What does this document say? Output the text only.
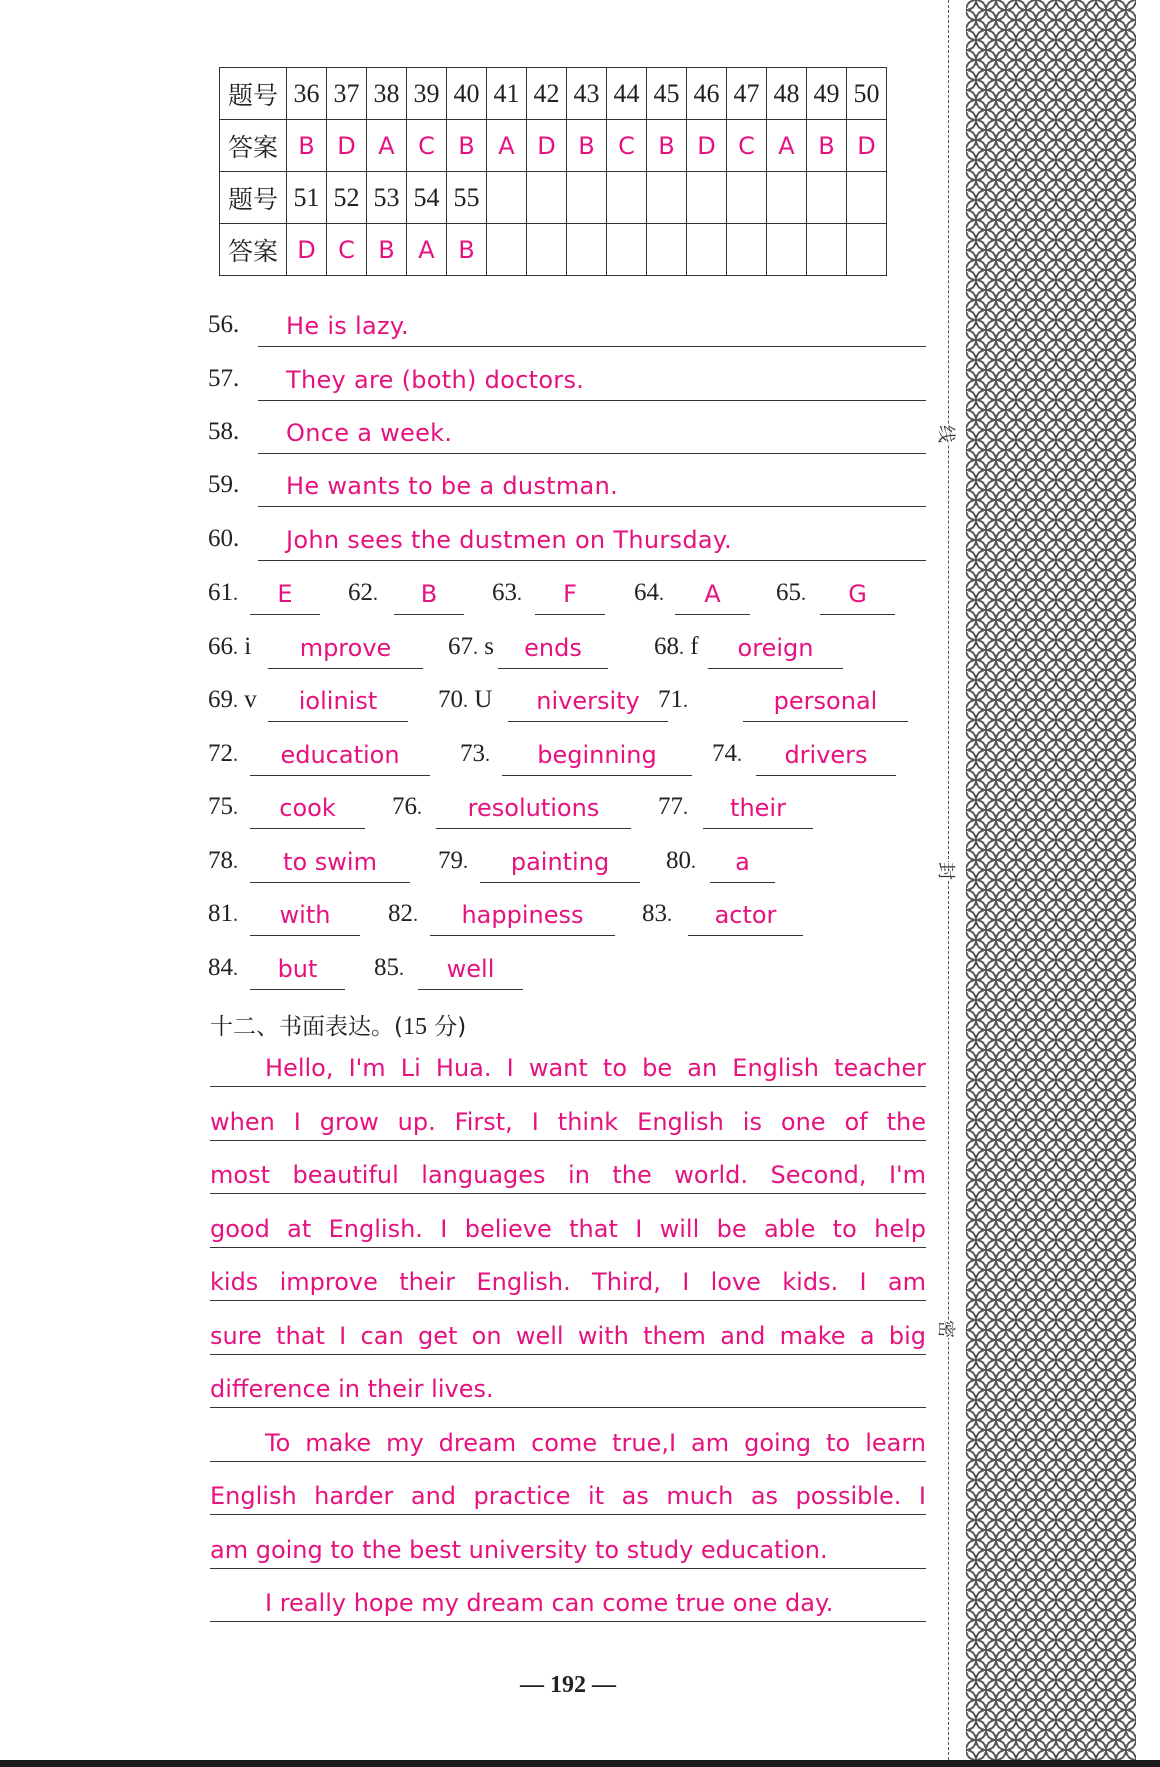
题号	36	37	38	39	40	41	42	43	44	45	46	47	48	49	50
答案	B	D	A	C	B	A	D	B	C	B	D	C	A	B	D
题号	51	52	53	54	55										
答案	D	C	B	A	B										
56. He is lazy.
57. They are (both) doctors.
58. Once a week.
59. He wants to be a dustman.
60. John sees the dustmen on Thursday.
61.	E	62.	B	63.	F	64.	A	65.	G
66. i	mprove	67. s	ends	68. f	oreign
69. v	iolinist	70. U	niversity 71.	personal
72.	education	73.	beginning	74.	drivers
75.	cook	76.	resolutions	77.	their
78.	to swim	79.	painting	80.	a
81.	with	82.	happiness	83.	actor
84.	but	85.	well
十二、书面表达。(15 分)
Hello, I'm Li Hua. I want to be an English teacher
when I grow up. First, I think English is one of the
most beautiful languages in the world. Second, I'm
good at English. I believe that I will be able to help
kids improve their English. Third, I love kids. I am
sure that I can get on well with them and make a big
difference in their lives.
To make my dream come true,I am going to learn
English harder and practice it as much as possible. I
am going to the best university to study education.
I really hope my dream can come true one day.
— 192 —
线
封
密
